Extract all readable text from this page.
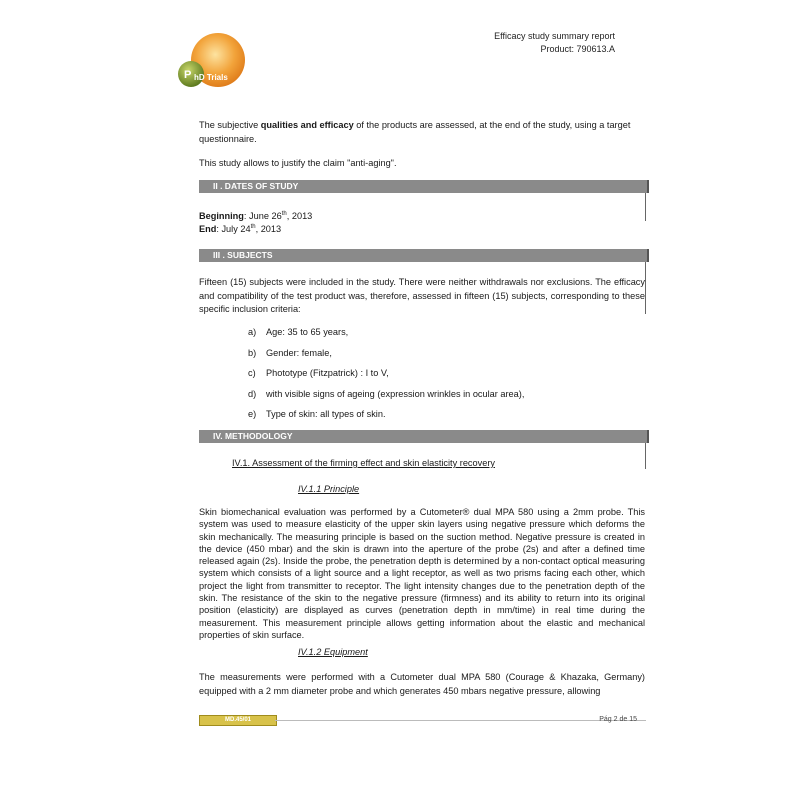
P hD Trials
Efficacy study summary report
Product: 790613.A
The subjective qualities and efficacy of the products are assessed, at the end of the study, using a target questionnaire.
This study allows to justify the claim "anti-aging".
II . DATES OF STUDY
Beginning: June 26th, 2013
End: July 24th, 2013
III . SUBJECTS
Fifteen (15) subjects were included in the study. There were neither withdrawals nor exclusions. The efficacy and compatibility of the test product was, therefore, assessed in fifteen (15) subjects, corresponding to these specific inclusion criteria:
a)	Age: 35 to 65 years,
b)	Gender: female,
c)	Phototype (Fitzpatrick) : I to V,
d)	with visible signs of ageing (expression wrinkles in ocular area),
e)	Type of skin: all types of skin.
IV. METHODOLOGY
IV.1. Assessment of the firming effect and skin elasticity recovery
IV.1.1 Principle
Skin biomechanical evaluation was performed by a Cutometer® dual MPA 580 using a 2mm probe. This system was used to measure elasticity of the upper skin layers using negative pressure which deforms the skin mechanically. The measuring principle is based on the suction method. Negative pressure is created in the device (450 mbar) and the skin is drawn into the aperture of the probe (2s) and after a defined time released again (2s). Inside the probe, the penetration depth is determined by a non-contact optical measuring system which consists of a light source and a light receptor, as well as two prisms facing each other, which project the light from transmitter to receptor. The light intensity changes due to the penetration depth of the skin. The resistance of the skin to the negative pressure (firmness) and its ability to return into its original position (elasticity) are displayed as curves (penetration depth in mm/time) in real time during the measurement. This measurement principle allows getting information about the elastic and mechanical properties of skin surface.
IV.1.2 Equipment
The measurements were performed with a Cutometer dual MPA 580 (Courage & Khazaka, Germany) equipped with a 2 mm diameter probe and which generates 450 mbars negative pressure, allowing
MD.45/01	Pág 2 de 15
